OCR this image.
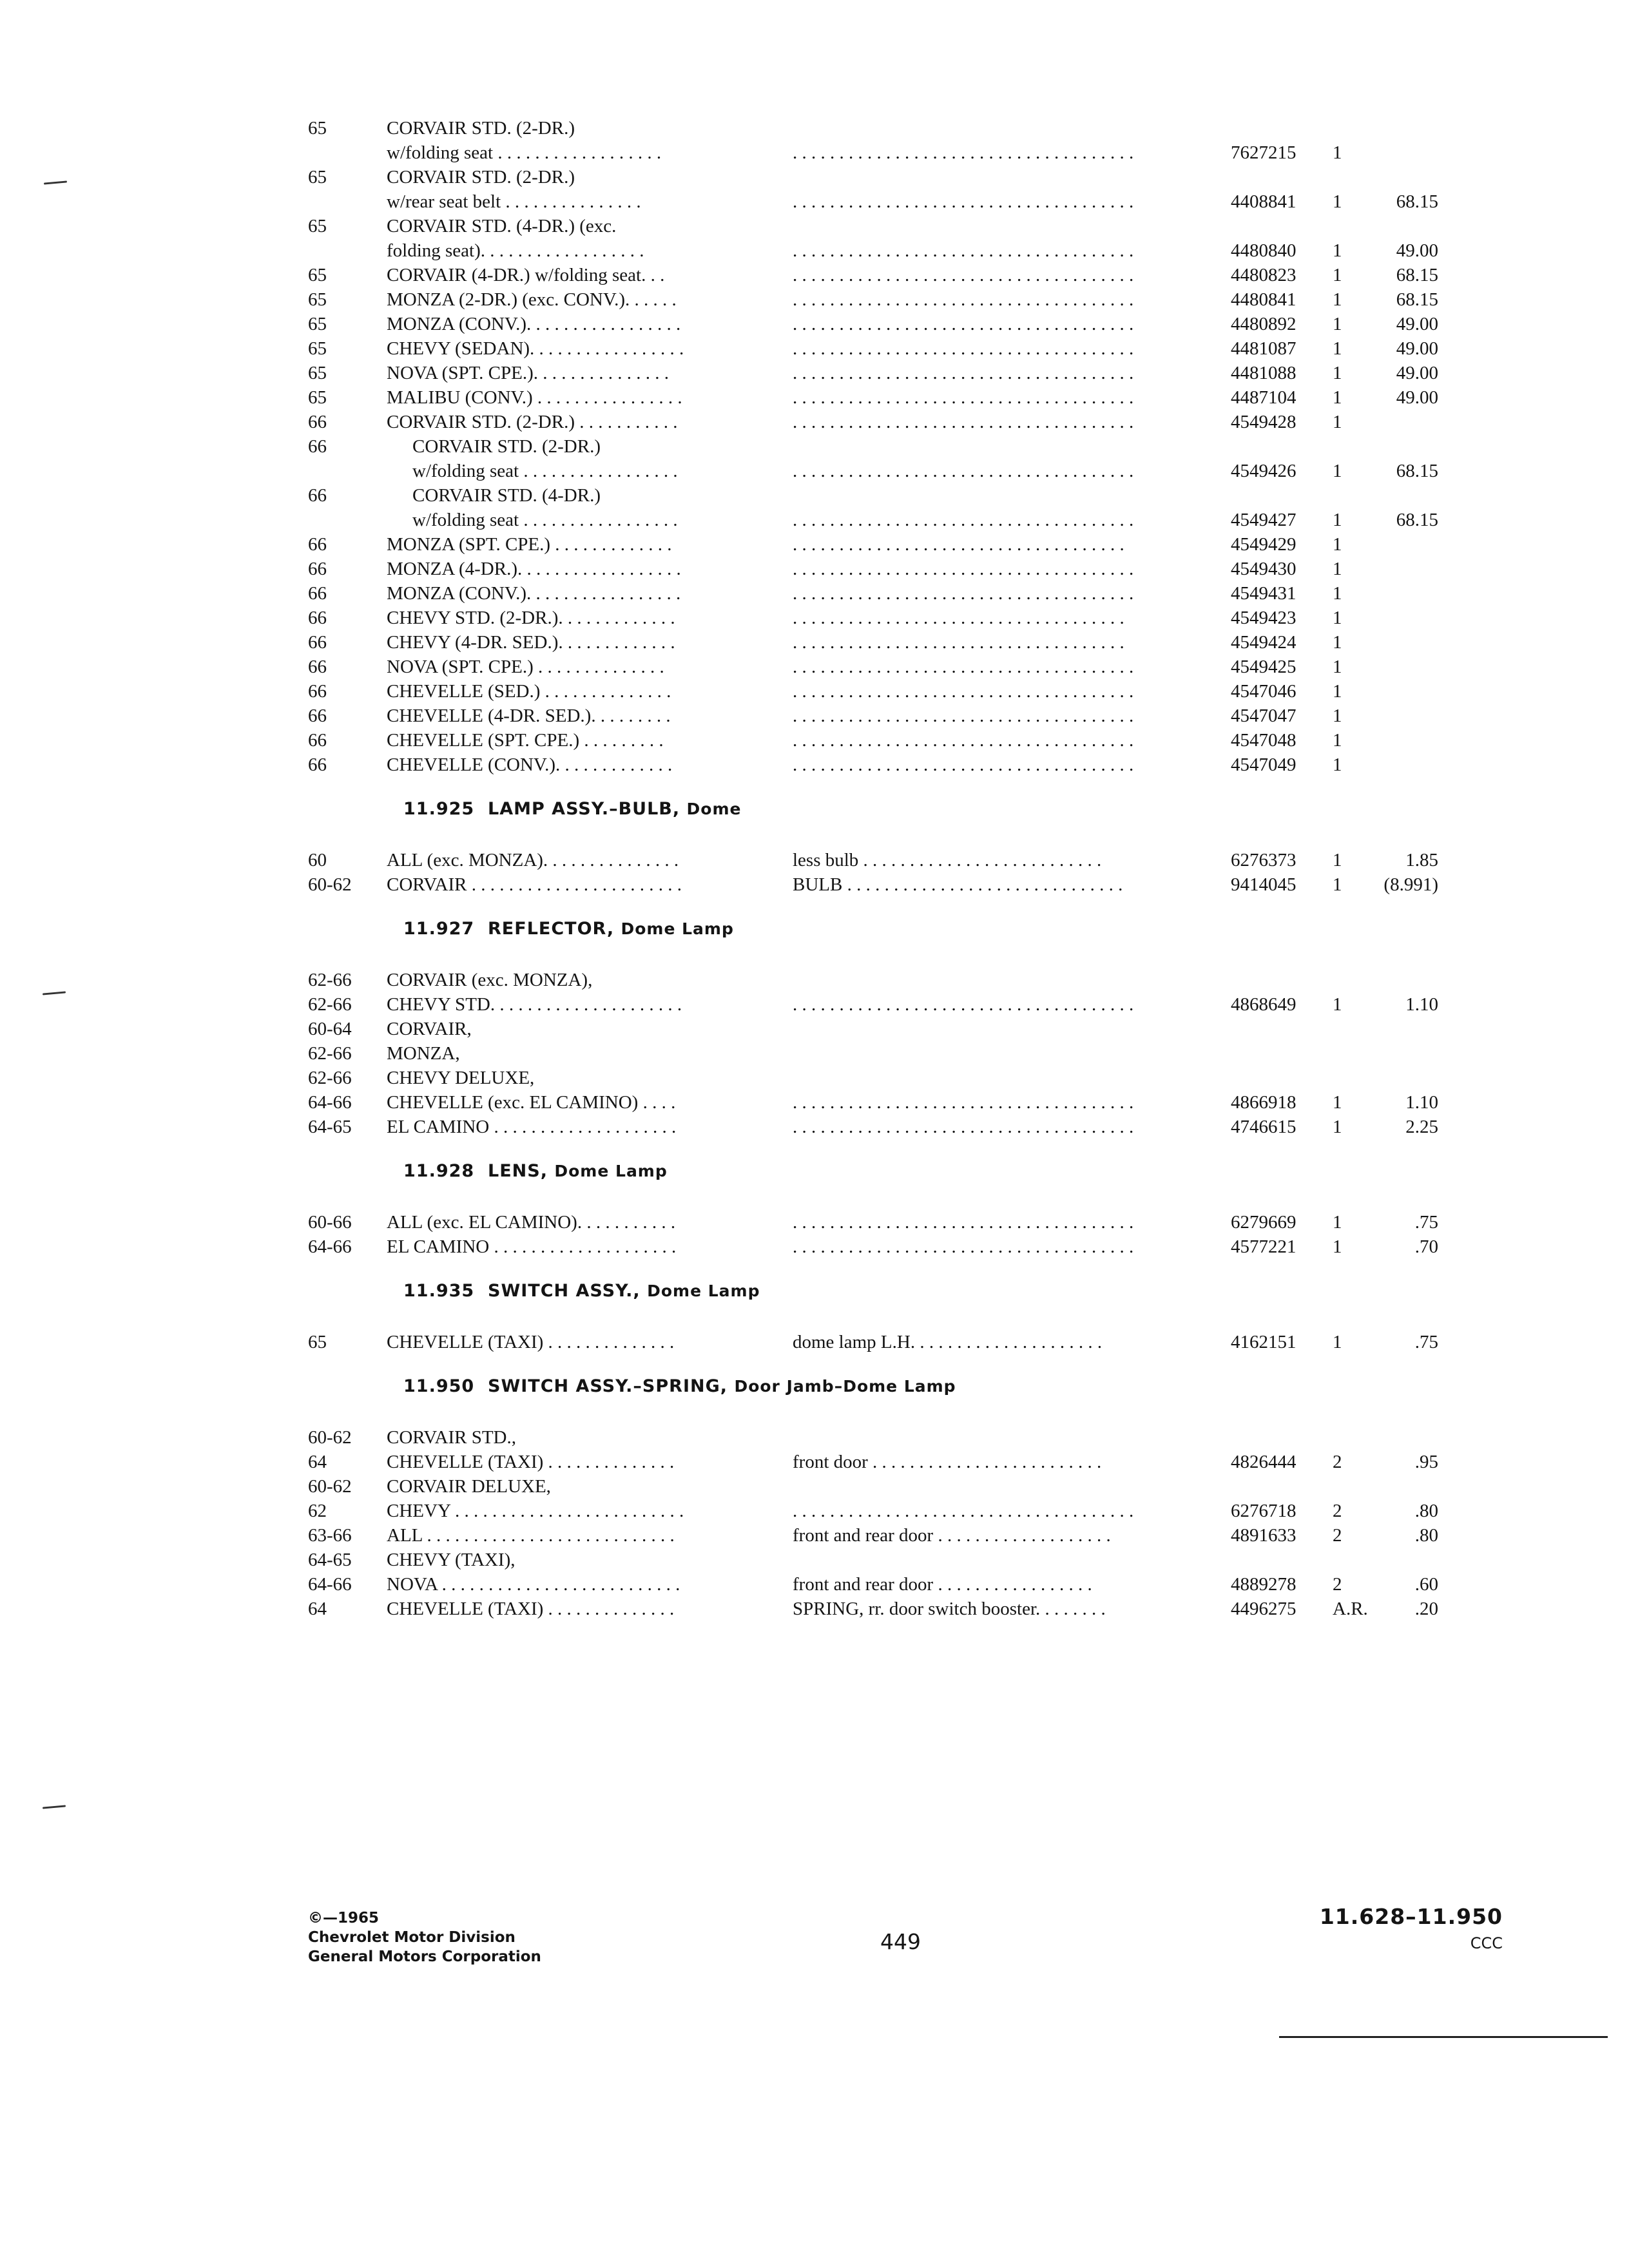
65	CORVAIR STD. (2-DR.)
w/folding seat . . . . . . . . . . . . . . . . . .	. . . . . . . . . . . . . . . . . . . . . . . . . . . . . . . . . . . . .	7627215 1
65	CORVAIR STD. (2-DR.)
w/rear seat belt . . . . . . . . . . . . . . .	. . . . . . . . . . . . . . . . . . . . . . . . . . . . . . . . . . . . .	4408841 1	68.15
65	CORVAIR STD. (4-DR.) (exc.
folding seat). . . . . . . . . . . . . . . . . .	. . . . . . . . . . . . . . . . . . . . . . . . . . . . . . . . . . . . .	4480840 1	49.00
65	CORVAIR (4-DR.) w/folding seat. . .	. . . . . . . . . . . . . . . . . . . . . . . . . . . . . . . . . . . . .	4480823 1	68.15
65	MONZA (2-DR.) (exc. CONV.). . . . . .	. . . . . . . . . . . . . . . . . . . . . . . . . . . . . . . . . . . . .	4480841 1	68.15
65	MONZA (CONV.). . . . . . . . . . . . . . . . .	. . . . . . . . . . . . . . . . . . . . . . . . . . . . . . . . . . . . .	4480892 1	49.00
65	CHEVY (SEDAN). . . . . . . . . . . . . . . . .	. . . . . . . . . . . . . . . . . . . . . . . . . . . . . . . . . . . . .	4481087 1	49.00
65	NOVA (SPT. CPE.). . . . . . . . . . . . . . .	. . . . . . . . . . . . . . . . . . . . . . . . . . . . . . . . . . . . .	4481088 1	49.00
65	MALIBU (CONV.) . . . . . . . . . . . . . . . .	. . . . . . . . . . . . . . . . . . . . . . . . . . . . . . . . . . . . .	4487104 1	49.00
66	CORVAIR STD. (2-DR.) . . . . . . . . . . .	. . . . . . . . . . . . . . . . . . . . . . . . . . . . . . . . . . . . .	4549428 1
66	CORVAIR STD. (2-DR.)
w/folding seat . . . . . . . . . . . . . . . . .	. . . . . . . . . . . . . . . . . . . . . . . . . . . . . . . . . . . . .	4549426 1	68.15
66	CORVAIR STD. (4-DR.)
w/folding seat . . . . . . . . . . . . . . . . .	. . . . . . . . . . . . . . . . . . . . . . . . . . . . . . . . . . . . .	4549427 1	68.15
66	MONZA (SPT. CPE.) . . . . . . . . . . . . .	. . . . . . . . . . . . . . . . . . . . . . . . . . . . . . . . . . . .	4549429 1
66	MONZA (4-DR.). . . . . . . . . . . . . . . . . .	. . . . . . . . . . . . . . . . . . . . . . . . . . . . . . . . . . . . .	4549430 1
66	MONZA (CONV.). . . . . . . . . . . . . . . . .	. . . . . . . . . . . . . . . . . . . . . . . . . . . . . . . . . . . . .	4549431 1
66	CHEVY STD. (2-DR.). . . . . . . . . . . . .	. . . . . . . . . . . . . . . . . . . . . . . . . . . . . . . . . . . .	4549423 1
66	CHEVY (4-DR. SED.). . . . . . . . . . . . .	. . . . . . . . . . . . . . . . . . . . . . . . . . . . . . . . . . . .	4549424 1
66	NOVA (SPT. CPE.) . . . . . . . . . . . . . .	. . . . . . . . . . . . . . . . . . . . . . . . . . . . . . . . . . . . .	4549425 1
66	CHEVELLE (SED.) . . . . . . . . . . . . . .	. . . . . . . . . . . . . . . . . . . . . . . . . . . . . . . . . . . . .	4547046 1
66	CHEVELLE (4-DR. SED.). . . . . . . . .	. . . . . . . . . . . . . . . . . . . . . . . . . . . . . . . . . . . . .	4547047 1
66	CHEVELLE (SPT. CPE.) . . . . . . . . .	. . . . . . . . . . . . . . . . . . . . . . . . . . . . . . . . . . . . .	4547048 1
66	CHEVELLE (CONV.). . . . . . . . . . . . .	. . . . . . . . . . . . . . . . . . . . . . . . . . . . . . . . . . . . .	4547049 1
11.925 LAMP ASSY.–BULB, Dome
60	ALL (exc. MONZA). . . . . . . . . . . . . . .	less bulb . . . . . . . . . . . . . . . . . . . . . . . . . .	6276373 1	1.85
60-62 CORVAIR . . . . . . . . . . . . . . . . . . . . . . .	BULB . . . . . . . . . . . . . . . . . . . . . . . . . . . . . .	9414045 1 (8.991)
11.927 REFLECTOR, Dome Lamp
62-66 CORVAIR (exc. MONZA),
62-66 CHEVY STD. . . . . . . . . . . . . . . . . . . . .	. . . . . . . . . . . . . . . . . . . . . . . . . . . . . . . . . . . . .	4868649 1	1.10
60-64 CORVAIR,
62-66 MONZA,
62-66 CHEVY DELUXE,
64-66 CHEVELLE (exc. EL CAMINO) . . . .	. . . . . . . . . . . . . . . . . . . . . . . . . . . . . . . . . . . . .	4866918 1	1.10
64-65 EL CAMINO . . . . . . . . . . . . . . . . . . . .	. . . . . . . . . . . . . . . . . . . . . . . . . . . . . . . . . . . . .	4746615 1	2.25
11.928 LENS, Dome Lamp
60-66 ALL (exc. EL CAMINO). . . . . . . . . . .	. . . . . . . . . . . . . . . . . . . . . . . . . . . . . . . . . . . . .	6279669 1	.75
64-66 EL CAMINO . . . . . . . . . . . . . . . . . . . .	. . . . . . . . . . . . . . . . . . . . . . . . . . . . . . . . . . . . .	4577221 1	.70
11.935 SWITCH ASSY., Dome Lamp
65	CHEVELLE (TAXI) . . . . . . . . . . . . . .	dome lamp L.H. . . . . . . . . . . . . . . . . . . . .	4162151 1	.75
11.950 SWITCH ASSY.–SPRING, Door Jamb–Dome Lamp
60-62 CORVAIR STD.,
64	CHEVELLE (TAXI) . . . . . . . . . . . . . .	front door . . . . . . . . . . . . . . . . . . . . . . . . .	4826444 2	.95
60-62 CORVAIR DELUXE,
62	CHEVY . . . . . . . . . . . . . . . . . . . . . . . . .	. . . . . . . . . . . . . . . . . . . . . . . . . . . . . . . . . . . . .	6276718 2	.80
63-66 ALL . . . . . . . . . . . . . . . . . . . . . . . . . . .	front and rear door . . . . . . . . . . . . . . . . . . .	4891633 2	.80
64-65 CHEVY (TAXI),
64-66 NOVA . . . . . . . . . . . . . . . . . . . . . . . . . .	front and rear door . . . . . . . . . . . . . . . . .	4889278 2	.60
64	CHEVELLE (TAXI) . . . . . . . . . . . . . .	SPRING, rr. door switch booster. . . . . . . .	4496275 A.R.	.20
©—1965
Chevrolet Motor Division
General Motors Corporation
449
11.628–11.950
CCC
